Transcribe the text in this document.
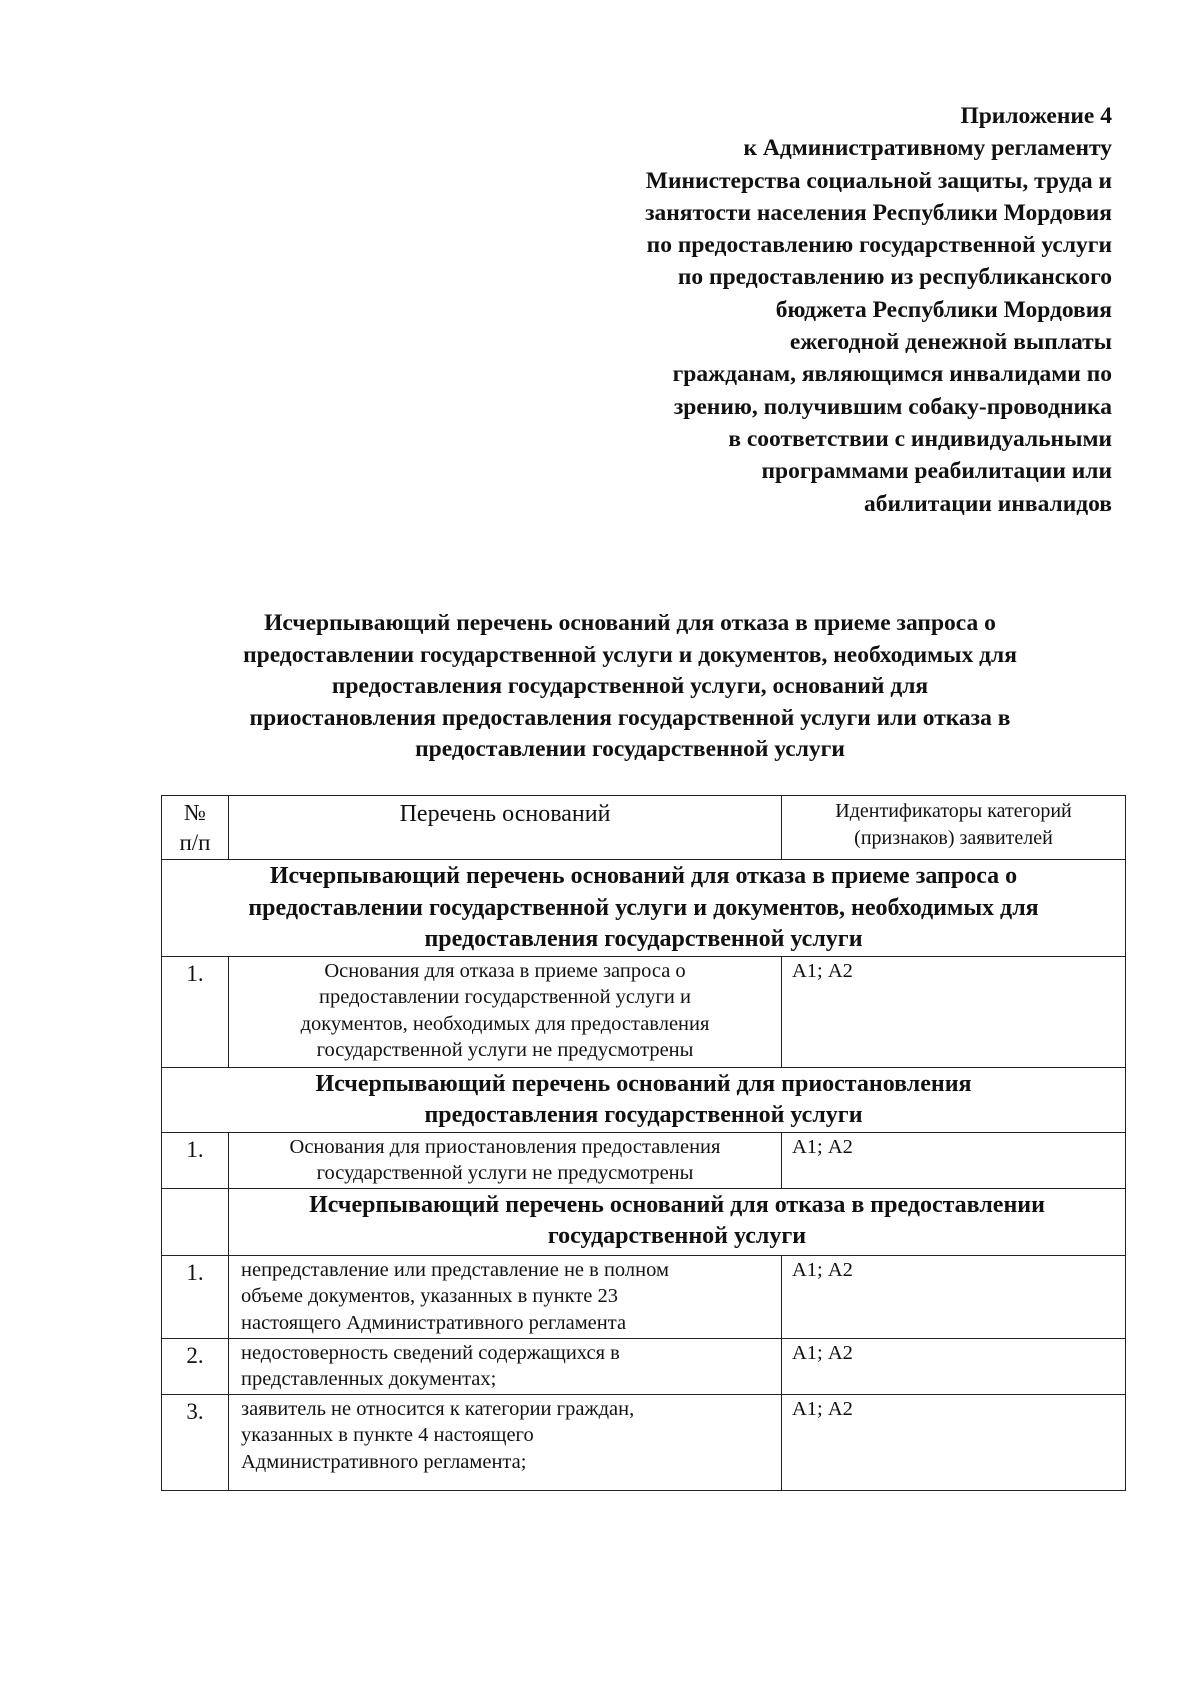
Приложение 4
к Административному регламенту
Министерства социальной защиты, труда и
занятости населения Республики Мордовия
по предоставлению государственной услуги
по предоставлению из республиканского
бюджета Республики Мордовия
ежегодной денежной выплаты
гражданам, являющимся инвалидами по
зрению, получившим собаку-проводника
в соответствии с индивидуальными
программами реабилитации или
абилитации инвалидов
Исчерпывающий перечень оснований для отказа в приеме запроса о
предоставлении государственной услуги и документов, необходимых для
предоставления государственной услуги, оснований для
приостановления предоставления государственной услуги или отказа в
предоставлении государственной услуги
№
п/п	Перечень оснований	Идентификаторы категорий
(признаков) заявителей

Исчерпывающий перечень оснований для отказа в приеме запроса о
предоставлении государственной услуги и документов, необходимых для
предоставления государственной услуги		

1.	Основания для отказа в приеме запроса о
предоставлении государственной услуги и
документов, необходимых для предоставления
государственной услуги не предусмотрены	А1; А2

Исчерпывающий перечень оснований для приостановления
предоставления государственной услуги		

1.	Основания для приостановления предоставления
государственной услуги не предусмотрены	А1; А2

	Исчерпывающий перечень оснований для отказа в предоставлении
государственной услуги	

1.	непредставление или представление не в полном
объеме документов, указанных в пункте 23
настоящего Административного регламента	А1; А2
2.	недостоверность сведений содержащихся в
представленных документах;	А1; А2
3.	заявитель не относится к категории граждан,
указанных в пункте 4 настоящего
Административного регламента;	А1; А2
